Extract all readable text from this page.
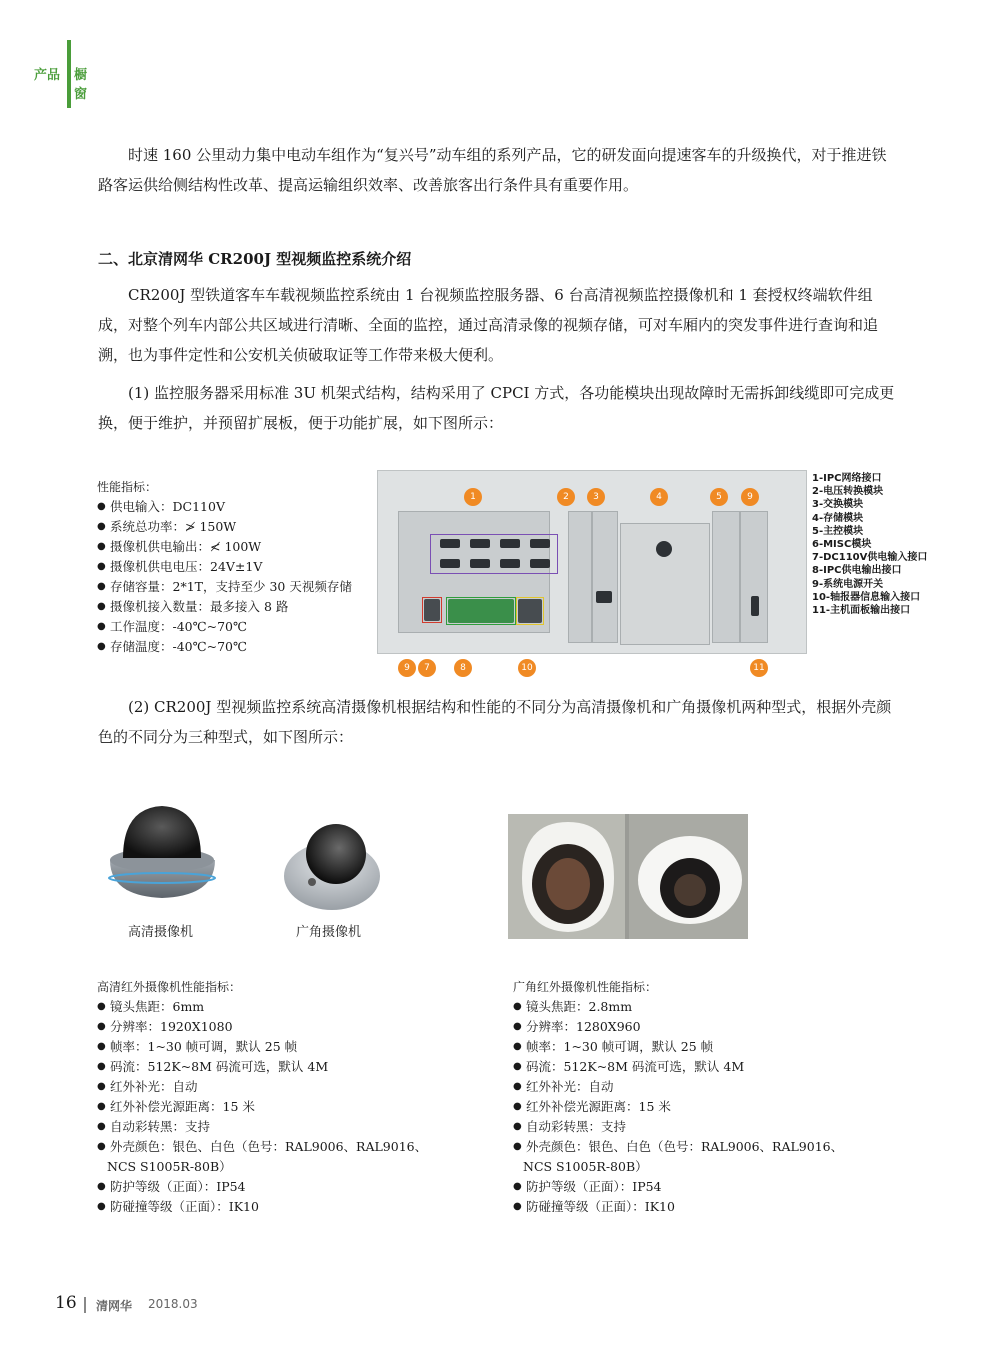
产品 橱窗

时速 160 公里动力集中电动车组作为“复兴号”动车组的系列产品，它的研发面向提速客车的升级换代，对于推进铁路客运供给侧结构性改革、提高运输组织效率、改善旅客出行条件具有重要作用。

二、北京清网华 CR200J 型视频监控系统介绍

CR200J 型铁道客车车载视频监控系统由 1 台视频监控服务器、6 台高清视频监控摄像机和 1 套授权终端软件组成，对整个列车内部公共区域进行清晰、全面的监控，通过高清录像的视频存储，可对车厢内的突发事件进行查询和追溯，也为事件定性和公安机关侦破取证等工作带来极大便利。

(1) 监控服务器采用标准 3U 机架式结构，结构采用了 CPCI 方式，各功能模块出现故障时无需拆卸线缆即可完成更换，便于维护，并预留扩展板，便于功能扩展，如下图所示：

性能指标：
● 供电输入：DC110V
● 系统总功率：≯ 150W
● 摄像机供电输出：≮ 100W
● 摄像机供电电压：24V±1V
● 存储容量：2*1T，支持至少 30 天视频存储
● 摄像机接入数量：最多接入 8 路
● 工作温度：-40℃~70℃
● 存储温度：-40℃~70℃
1	2	3	4	5	9
9	7	8	10	11
1-IPC网络接口
2-电压转换模块
3-交换模块
4-存储模块
5-主控模块
6-MISC模块
7-DC110V供电输入接口
8-IPC供电输出接口
9-系统电源开关
10-轴报器信息输入接口
11-主机面板输出接口

(2) CR200J 型视频监控系统高清摄像机根据结构和性能的不同分为高清摄像机和广角摄像机两种型式，根据外壳颜色的不同分为三种型式，如下图所示：

高清摄像机	广角摄像机
高清红外摄像机性能指标：
● 镜头焦距：6mm
● 分辨率：1920X1080
● 帧率：1~30 帧可调，默认 25 帧
● 码流：512K~8M 码流可选，默认 4M
● 红外补光：自动
● 红外补偿光源距离：15 米
● 自动彩转黑：支持
● 外壳颜色：银色、白色（色号：RAL9006、RAL9016、
NCS S1005R-80B）
● 防护等级（正面）：IP54
● 防碰撞等级（正面）：IK10
广角红外摄像机性能指标：
● 镜头焦距：2.8mm
● 分辨率：1280X960
● 帧率：1~30 帧可调，默认 25 帧
● 码流：512K~8M 码流可选，默认 4M
● 红外补光：自动
● 红外补偿光源距离：15 米
● 自动彩转黑：支持
● 外壳颜色：银色、白色（色号：RAL9006、RAL9016、
NCS S1005R-80B）
● 防护等级（正面）：IP54
● 防碰撞等级（正面）：IK10
16 清网华 2018.03
